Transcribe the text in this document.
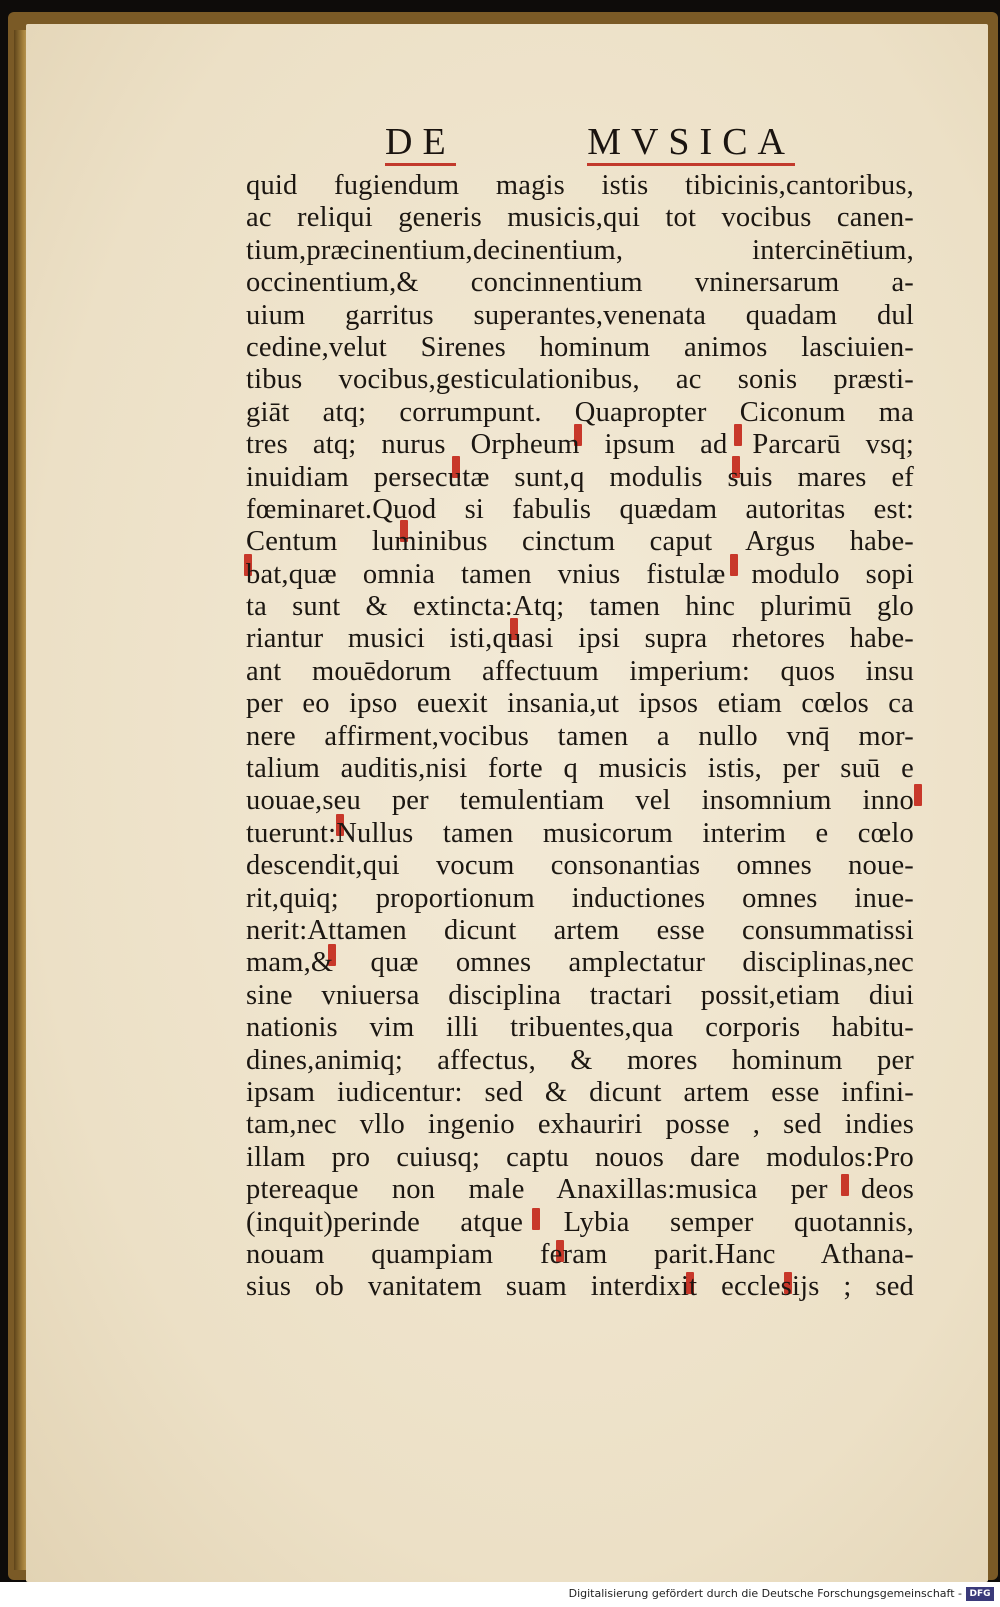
DE	MVSICA
quid fugiendum magis istis tibicinis,cantoribus,
ac reliqui generis musicis,qui tot vocibus canen-
tium,præcinentium,decinentium, intercinētium,
occinentium,& concinnentium vninersarum a-
uium garritus superantes,venenata quadam dul
cedine,velut Sirenes hominum animos lasciuien-
tibus vocibus,gesticulationibus, ac sonis præsti-
giāt atq; corrumpunt. Quapropter Ciconum ma
tres atq; nurus Orpheum ipsum ad Parcarū vsq;
inuidiam persecutæ sunt,q modulis suis mares ef
fœminaret.Quod si fabulis quædam autoritas est:
Centum luminibus cinctum caput Argus habe-
bat,quæ omnia tamen vnius fistulæ modulo sopi
ta sunt & extincta:Atq; tamen hinc plurimū glo
riantur musici isti,quasi ipsi supra rhetores habe-
ant mouēdorum affectuum imperium: quos insu
per eo ipso euexit insania,ut ipsos etiam cœlos ca
nere affirment,vocibus tamen a nullo vnq̄ mor-
talium auditis,nisi forte q musicis istis, per suū e
uouae,seu per temulentiam vel insomnium inno
tuerunt:Nullus tamen musicorum interim e cœlo
descendit,qui vocum consonantias omnes noue-
rit,quiq; proportionum inductiones omnes inue-
nerit:Attamen dicunt artem esse consummatissi
mam,& quæ omnes amplectatur disciplinas,nec
sine vniuersa disciplina tractari possit,etiam diui
nationis vim illi tribuentes,qua corporis habitu-
dines,animiq; affectus, & mores hominum per
ipsam iudicentur: sed & dicunt artem esse infini-
tam,nec vllo ingenio exhauriri posse , sed indies
illam pro cuiusq; captu nouos dare modulos:Pro
ptereaque non male Anaxillas:musica per deos
(inquit)perinde atque Lybia semper quotannis,
nouam quampiam feram parit.Hanc Athana-
sius ob vanitatem suam interdixit ecclesijs ; sed
Digitalisierung gefördert durch die Deutsche Forschungsgemeinschaft - DFG
